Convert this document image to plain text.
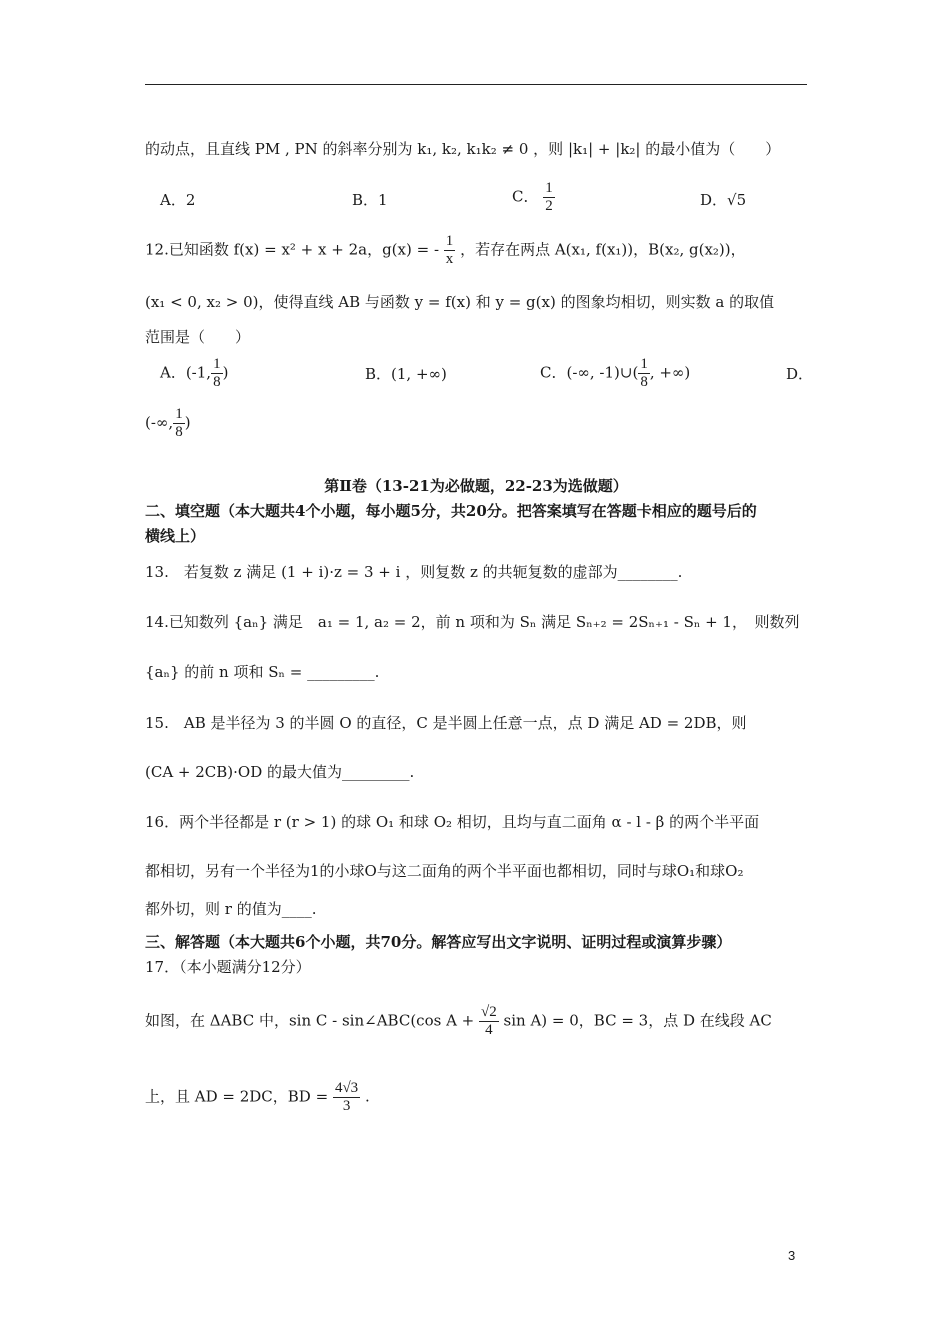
的动点，且直线 PM , PN 的斜率分别为 k₁, k₂, k₁k₂ ≠ 0 ，则 |k₁| + |k₂| 的最小值为（　　）
A．2	B．1	C． $\frac{1}{2}$	D．√5
12.已知函数 f(x) = x² + x + 2a，g(x) = - $\frac{1}{x}$ ，若存在两点 A(x₁, f(x₁))，B(x₂, g(x₂))，
(x₁ < 0, x₂ > 0)，使得直线 AB 与函数 y = f(x) 和 y = g(x) 的图象均相切，则实数 a 的取值
范围是（　　）
A．(-1, $\frac{1}{8}$ )	B．(1, +∞)	C．(-∞, -1)∪( $\frac{1}{8}$ , +∞)	D．
(-∞, $\frac{1}{8}$ )
第Ⅱ卷（13-21为必做题，22-23为选做题）
二、填空题（本大题共4个小题，每小题5分，共20分。把答案填写在答题卡相应的题号后的
横线上）
13.　若复数 z 满足 (1 + i)·z = 3 + i ，则复数 z 的共轭复数的虚部为________.
14.已知数列 {aₙ} 满足　a₁ = 1, a₂ = 2，前 n 项和为 Sₙ 满足 Sₙ₊₂ = 2Sₙ₊₁ - Sₙ + 1，　则数列
{aₙ} 的前 n 项和 Sₙ = _________.
15.　AB 是半径为 3 的半圆 O 的直径，C 是半圆上任意一点，点 D 满足 AD = 2DB，则
(CA + 2CB)·OD 的最大值为_________.
16．两个半径都是 r (r > 1) 的球 O₁ 和球 O₂ 相切，且均与直二面角 α - l - β 的两个半平面
都相切，另有一个半径为1的小球O与这二面角的两个半平面也都相切，同时与球O₁和球O₂
都外切，则 r 的值为____.
三、解答题（本大题共6个小题，共70分。解答应写出文字说明、证明过程或演算步骤）
17．（本小题满分12分）
如图，在 ΔABC 中，sin C - sin∠ABC(cos $A + \frac{√2}{4}$ sin A) = 0，BC = 3，点 D 在线段 AC
上，且 AD = 2DC，BD = $\frac{4√3}{3}$ .
3
